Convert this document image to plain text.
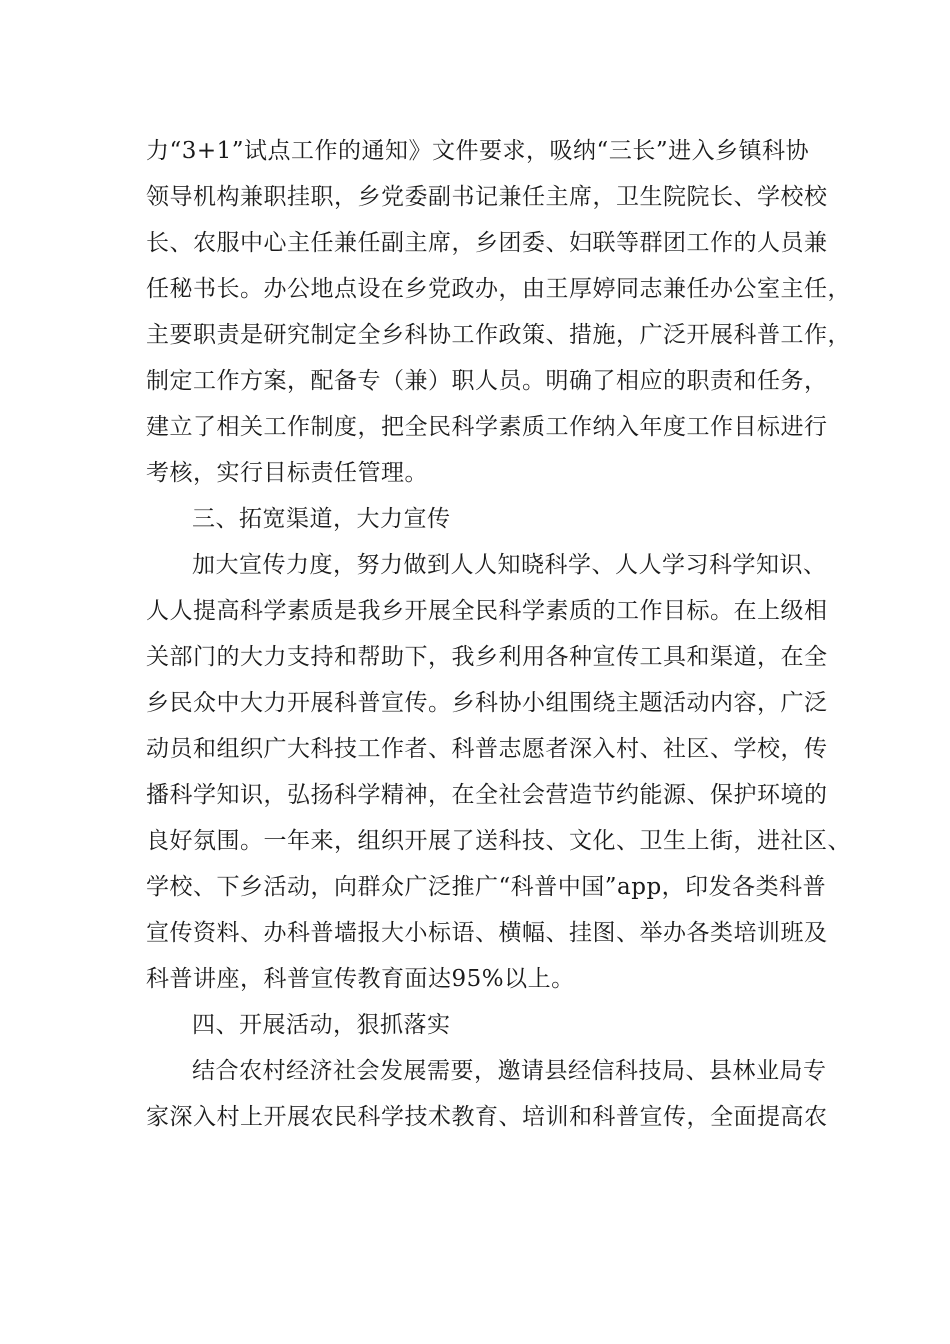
力“3+1”试点工作的通知》文件要求，吸纳“三长”进入乡镇科协
领导机构兼职挂职，乡党委副书记兼任主席，卫生院院长、学校校
长、农服中心主任兼任副主席，乡团委、妇联等群团工作的人员兼
任秘书长。办公地点设在乡党政办，由王厚婷同志兼任办公室主任，
主要职责是研究制定全乡科协工作政策、措施，广泛开展科普工作，
制定工作方案，配备专（兼）职人员。明确了相应的职责和任务，
建立了相关工作制度，把全民科学素质工作纳入年度工作目标进行
考核，实行目标责任管理。
三、拓宽渠道，大力宣传
加大宣传力度，努力做到人人知晓科学、人人学习科学知识、
人人提高科学素质是我乡开展全民科学素质的工作目标。在上级相
关部门的大力支持和帮助下，我乡利用各种宣传工具和渠道，在全
乡民众中大力开展科普宣传。乡科协小组围绕主题活动内容，广泛
动员和组织广大科技工作者、科普志愿者深入村、社区、学校，传
播科学知识，弘扬科学精神，在全社会营造节约能源、保护环境的
良好氛围。一年来，组织开展了送科技、文化、卫生上街，进社区、
学校、下乡活动，向群众广泛推广“科普中国”app，印发各类科普
宣传资料、办科普墙报大小标语、横幅、挂图、举办各类培训班及
科普讲座，科普宣传教育面达95%以上。
四、开展活动，狠抓落实
结合农村经济社会发展需要，邀请县经信科技局、县林业局专
家深入村上开展农民科学技术教育、培训和科普宣传，全面提高农
